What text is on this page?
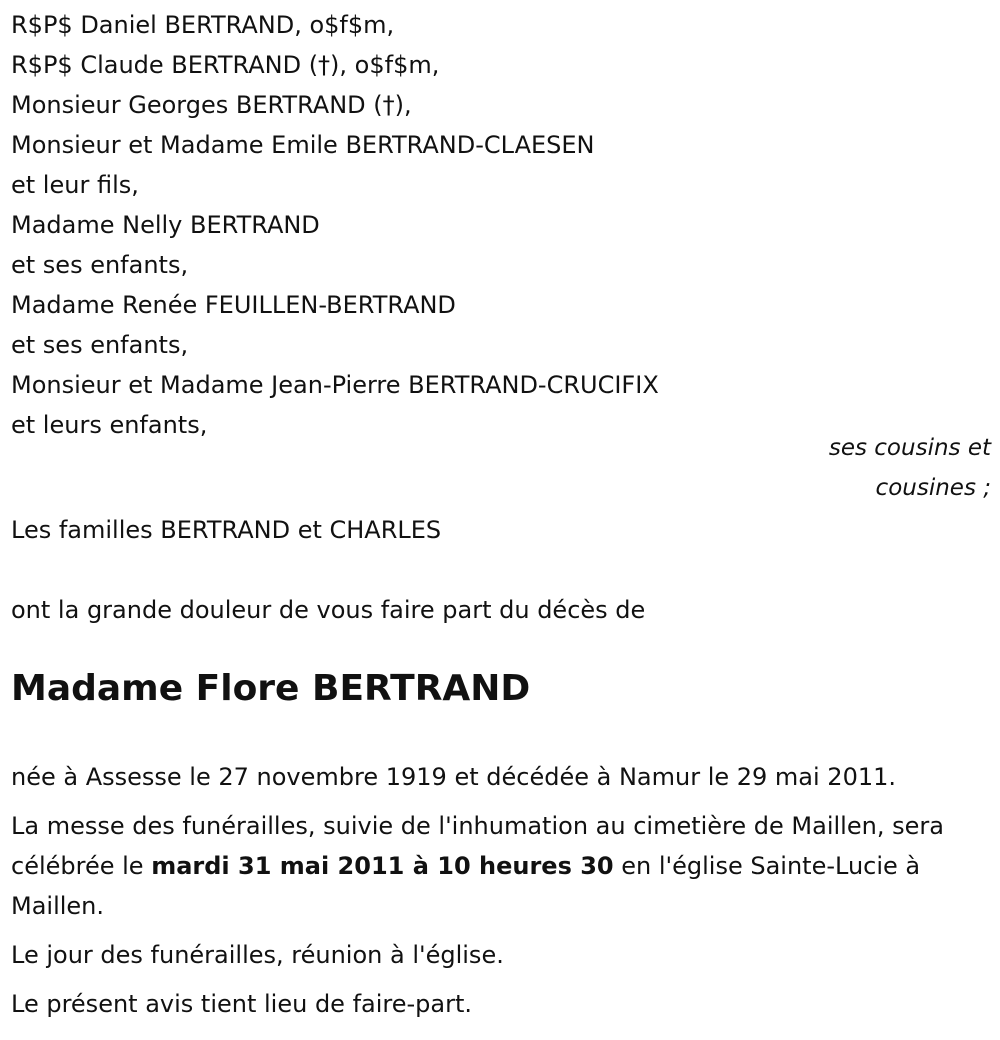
R$P$ Daniel BERTRAND, o$f$m,

R$P$ Claude BERTRAND (†), o$f$m,

Monsieur Georges BERTRAND (†),

Monsieur et Madame Emile BERTRAND-CLAESEN

et leur fils,

Madame Nelly BERTRAND

et ses enfants,

Madame Renée FEUILLEN-BERTRAND

et ses enfants,

Monsieur et Madame Jean-Pierre BERTRAND-CRUCIFIX

et leurs enfants,

ses cousins et
cousines ;
Les familles BERTRAND et CHARLES
ont la grande douleur de vous faire part du décès de
Madame Flore BERTRAND

née à Assesse le 27 novembre 1919 et décédée à Namur le 29 mai 2011.

La messe des funérailles, suivie de l'inhumation au cimetière de Maillen, sera célébrée le mardi 31 mai 2011 à 10 heures 30 en l'église Sainte-Lucie à Maillen.

Le jour des funérailles, réunion à l'église.

Le présent avis tient lieu de faire-part.
